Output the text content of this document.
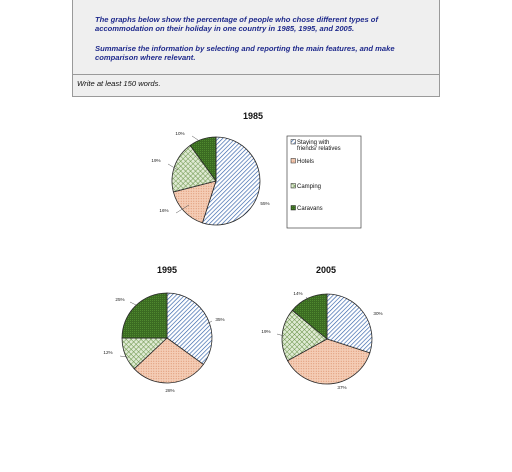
The graphs below show the percentage of people who chose different types of accommodation on their holiday in one country in 1985, 1995, and 2005.

Summarise the information by selecting and reporting the main features, and make comparison where relevant.

Write at least 150 words.

1985
55%
16%
19%
10%
1995
35%
28%
12%
25%
2005
30%
37%
19%
14%
Staying with
friends/ relatives
Hotels
Camping
Caravans
